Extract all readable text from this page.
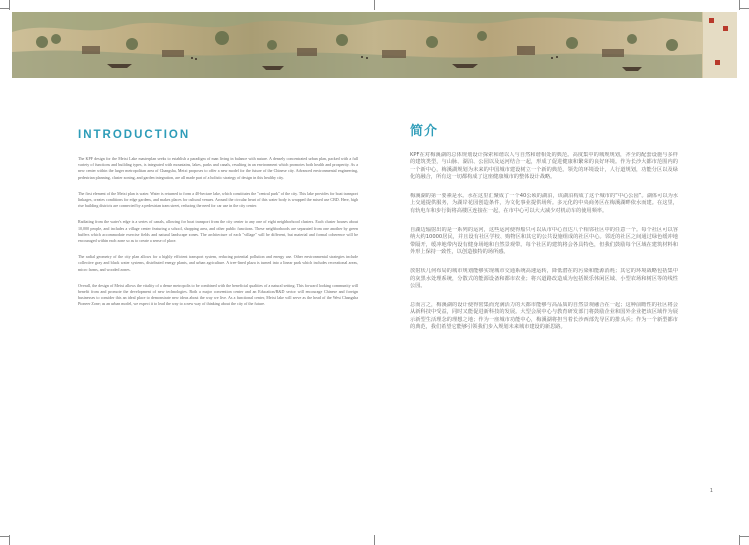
INTRODUCTION

The KPF design for the Meixi Lake masterplan seeks to establish a paradigm of man living in balance with nature. A densely concentrated urban plan, packed with a full variety of functions and building types, is integrated with mountains, lakes, parks and canals, resulting in an environment which promotes both health and prosperity. As a new center within the larger metropolitan area of Changsha, Meixi proposes to offer a new model for the future of the Chinese city. Advanced environmental engineering, pedestrian planning, cluster zoning, and garden integration, are all made part of a holistic strategy of design in this healthy city.

The first element of the Meixi plan is water. Water is returned to form a 40-hectare lake, which constitutes the "central park" of the city. This lake provides for boat transport linkages, creates conditions for edge gardens, and makes places for cultural venues. Around the circular heart of this water body is wrapped the mixed use CBD. Here, high rise building districts are connected by a pedestrian tram street, reducing the need for car use in the city center.

Radiating from the water's edge is a series of canals, allowing for boat transport from the city center to any one of eight neighborhood clusters. Each cluster houses about 10,000 people, and includes a village center featuring a school, shopping area, and other public functions. These neighborhoods are separated from one another by green buffers which accommodate exercise fields and natural landscape zones. The architecture of each "village" will be different, but material and formal coherence will be encouraged within each zone so as to create a sense of place.

The radial geometry of the city plan allows for a highly efficient transport system, reducing potential pollution and energy use. Other environmental strategies include collective gray and black water systems, distributed energy plants, and urban agriculture. A tree-lined plaza is turned into a linear park which includes recreational areas, micro farms, and wooded zones.

Overall, the design of Meixi allows the vitality of a dense metropolis to be combined with the beneficial qualities of a natural setting. This forward looking community will benefit from and promote the development of new technologies. Both a major convention center and an Education/R&D sector will encourage Chinese and foreign businesses to consider this an ideal place to demonstrate new ideas about the way we live. As a functional center, Meixi lake will serve as the head of the West Changsha Pioneer Zone; as an urban model, we expect it to lead the way to a new way of thinking about the city of the future.

简介

KPF在对梅溪湖的总体规划设计探索和谐以人与自然和谐相处的典范。高度集中的城规规划，齐全的配套设施与多样的建筑类型，与山脉、湖泊、公园以及运河结合一起，形成了促进健康和繁荣的良好环境。作为长沙大都市范围内的一个新中心，梅溪湖规划为未来的中国城市建设树立一个新的典范。领先的环境设计，人行道规划，功能分区以及绿化的融合，所有这一切都构成了这座健康城市的整体设计战略。

梅溪湖的第一要素是水。水在这里汇聚成了一个40公顷的湖泊，该湖泊构成了这个城市的“中心公园”。湖体可以为水上交通提供服务，为湖岸花园创造条件，为文化事业提供场所。多元化的中央商务区在梅溪湖畔依水而建。在这里，有轨电车和步行街将高楼区连接在一起，在市中心可以大大减少对机动车的使用频率。

自湖边辐射出的是一系列的运河，这些运河使得船只可以从市中心直达八个相邻社区中的任意一个。每个社区可以容纳大约10000居民，并且设有社区学校、购物区和其它的公共设施组成的社区中心。邻近的社区之间通过绿色缓冲地带隔开，缓冲地带内设有健身场地和自然景观带。每个社区的建筑将会各具特色，但我们鼓励每个区域在建筑材料和外形上保持一致性，以创造独特的场所感。

放射状几何布局的城市规划能够实现城市交通系统高速运转，降低潜在的污染和能源消耗；其它的环境战略包括集中的灰黑水处理系统，分散式的能源设备和都市农业；将兴道路改造成为包括娱乐休闲区域、小型农场和树区等的线性公园。

总而言之，梅溪湖的设计使得密集而充满活力的大都市能够与高品质的自然景观融合在一起；这种前瞻性的社区将会从新科技中受益，同时又能促进新科技的发展。大型会展中心与教育研发部门将鼓励企业和国外企业把该区域作为展示新型生活理念的理想之地；作为一座城市功能中心，梅溪湖将担当着长沙西部先导区的排头兵；作为一个新型都市的典范，我们希望它能够引领我们步入规划未来城市建设的新思路。

1
